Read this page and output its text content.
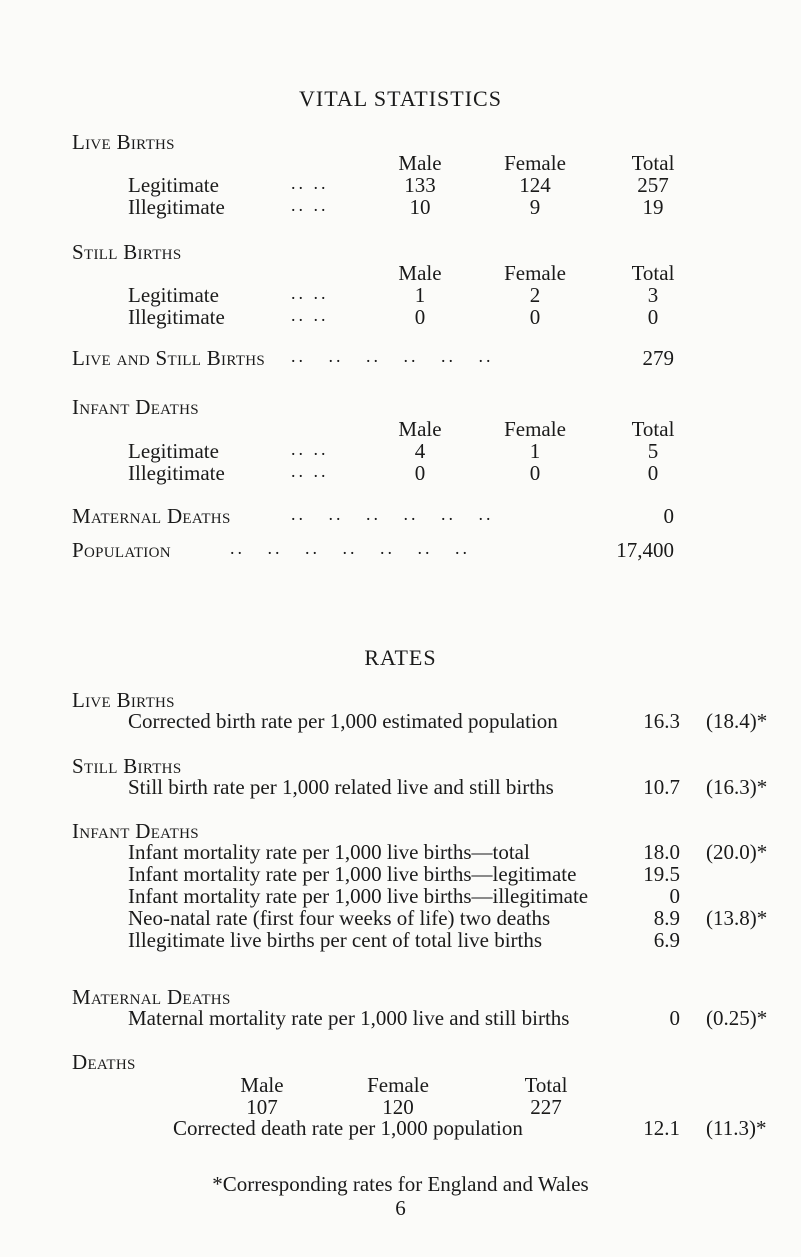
VITAL STATISTICS
Live Births
Male	Female	Total
Legitimate	.. ..	133	124	257
Illegitimate	.. ..	10	9	19
Still Births
Male	Female	Total
Legitimate	.. ..	1	2	3
Illegitimate	.. ..	0	0	0
Live and Still Births ..   ..   ..   ..   ..   ..	279
Infant Deaths
Male	Female	Total
Legitimate	.. ..	4	1	5
Illegitimate	.. ..	0	0	0
Maternal Deaths	..   ..   ..   ..   ..   ..	0
Population	..   ..   ..   ..   ..   ..   ..	17,400
RATES
Live Births
Corrected birth rate per 1,000 estimated population	16.3 (18.4)*
Still Births
Still birth rate per 1,000 related live and still births	10.7 (16.3)*
Infant Deaths
Infant mortality rate per 1,000 live births—total	18.0 (20.0)*
Infant mortality rate per 1,000 live births—legitimate	19.5
Infant mortality rate per 1,000 live births—illegitimate	0
Neo-natal rate (first four weeks of life) two deaths	8.9 (13.8)*
Illegitimate live births per cent of total live births	6.9
Maternal Deaths
Maternal mortality rate per 1,000 live and still births	0 (0.25)*
Deaths
Male	Female	Total
107	120	227
Corrected death rate per 1,000 population	12.1 (11.3)*
*Corresponding rates for England and Wales
6
